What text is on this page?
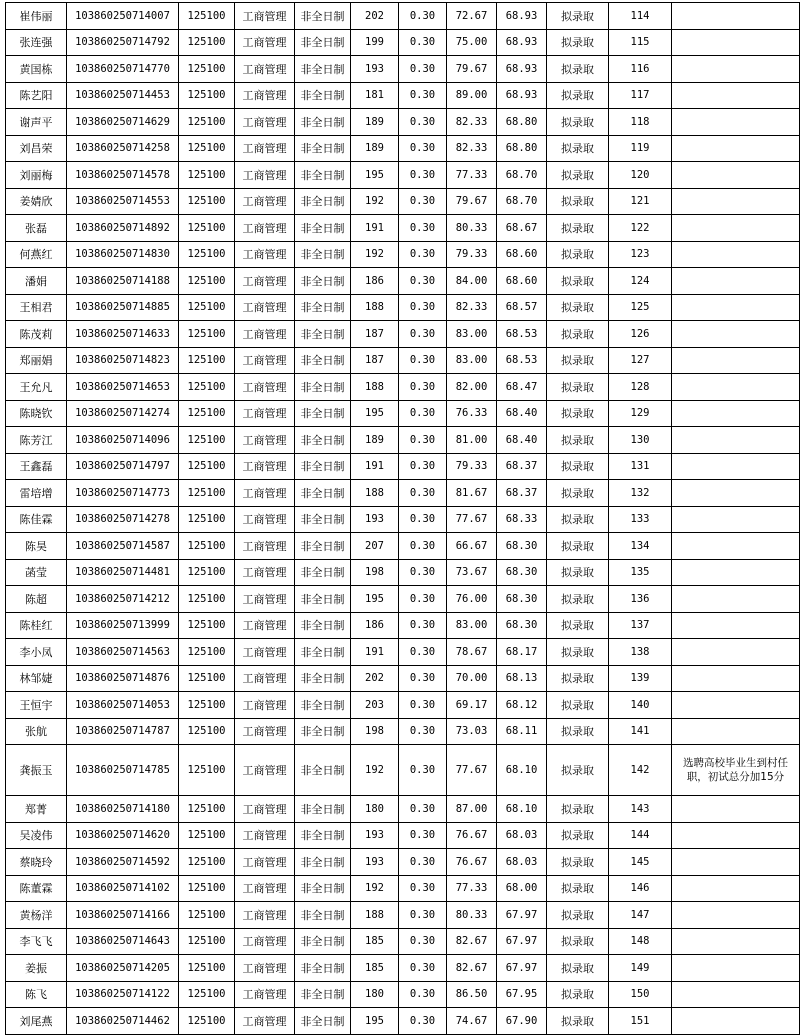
崔伟丽	103860250714007	125100	工商管理	非全日制	202	0.30	72.67	68.93	拟录取	114	
张连强	103860250714792	125100	工商管理	非全日制	199	0.30	75.00	68.93	拟录取	115	
黄国栋	103860250714770	125100	工商管理	非全日制	193	0.30	79.67	68.93	拟录取	116	
陈艺阳	103860250714453	125100	工商管理	非全日制	181	0.30	89.00	68.93	拟录取	117	
谢声平	103860250714629	125100	工商管理	非全日制	189	0.30	82.33	68.80	拟录取	118	
刘昌荣	103860250714258	125100	工商管理	非全日制	189	0.30	82.33	68.80	拟录取	119	
刘丽梅	103860250714578	125100	工商管理	非全日制	195	0.30	77.33	68.70	拟录取	120	
姜婧欣	103860250714553	125100	工商管理	非全日制	192	0.30	79.67	68.70	拟录取	121	
张磊	103860250714892	125100	工商管理	非全日制	191	0.30	80.33	68.67	拟录取	122	
何燕红	103860250714830	125100	工商管理	非全日制	192	0.30	79.33	68.60	拟录取	123	
潘娟	103860250714188	125100	工商管理	非全日制	186	0.30	84.00	68.60	拟录取	124	
王相君	103860250714885	125100	工商管理	非全日制	188	0.30	82.33	68.57	拟录取	125	
陈茂莉	103860250714633	125100	工商管理	非全日制	187	0.30	83.00	68.53	拟录取	126	
郑丽娟	103860250714823	125100	工商管理	非全日制	187	0.30	83.00	68.53	拟录取	127	
王允凡	103860250714653	125100	工商管理	非全日制	188	0.30	82.00	68.47	拟录取	128	
陈晓钦	103860250714274	125100	工商管理	非全日制	195	0.30	76.33	68.40	拟录取	129	
陈芳江	103860250714096	125100	工商管理	非全日制	189	0.30	81.00	68.40	拟录取	130	
王鑫磊	103860250714797	125100	工商管理	非全日制	191	0.30	79.33	68.37	拟录取	131	
雷培增	103860250714773	125100	工商管理	非全日制	188	0.30	81.67	68.37	拟录取	132	
陈佳霖	103860250714278	125100	工商管理	非全日制	193	0.30	77.67	68.33	拟录取	133	
陈昊	103860250714587	125100	工商管理	非全日制	207	0.30	66.67	68.30	拟录取	134	
菡莹	103860250714481	125100	工商管理	非全日制	198	0.30	73.67	68.30	拟录取	135	
陈超	103860250714212	125100	工商管理	非全日制	195	0.30	76.00	68.30	拟录取	136	
陈桂红	103860250713999	125100	工商管理	非全日制	186	0.30	83.00	68.30	拟录取	137	
李小凤	103860250714563	125100	工商管理	非全日制	191	0.30	78.67	68.17	拟录取	138	
林邹婕	103860250714876	125100	工商管理	非全日制	202	0.30	70.00	68.13	拟录取	139	
王恒宇	103860250714053	125100	工商管理	非全日制	203	0.30	69.17	68.12	拟录取	140	
张航	103860250714787	125100	工商管理	非全日制	198	0.30	73.03	68.11	拟录取	141	
龚振玉	103860250714785	125100	工商管理	非全日制	192	0.30	77.67	68.10	拟录取	142	选聘高校毕业生到村任职，初试总分加15分
郑菁	103860250714180	125100	工商管理	非全日制	180	0.30	87.00	68.10	拟录取	143	
吴凌伟	103860250714620	125100	工商管理	非全日制	193	0.30	76.67	68.03	拟录取	144	
蔡晓玲	103860250714592	125100	工商管理	非全日制	193	0.30	76.67	68.03	拟录取	145	
陈董霖	103860250714102	125100	工商管理	非全日制	192	0.30	77.33	68.00	拟录取	146	
黄杨洋	103860250714166	125100	工商管理	非全日制	188	0.30	80.33	67.97	拟录取	147	
李飞飞	103860250714643	125100	工商管理	非全日制	185	0.30	82.67	67.97	拟录取	148	
姜振	103860250714205	125100	工商管理	非全日制	185	0.30	82.67	67.97	拟录取	149	
陈飞	103860250714122	125100	工商管理	非全日制	180	0.30	86.50	67.95	拟录取	150	
刘尾燕	103860250714462	125100	工商管理	非全日制	195	0.30	74.67	67.90	拟录取	151	
